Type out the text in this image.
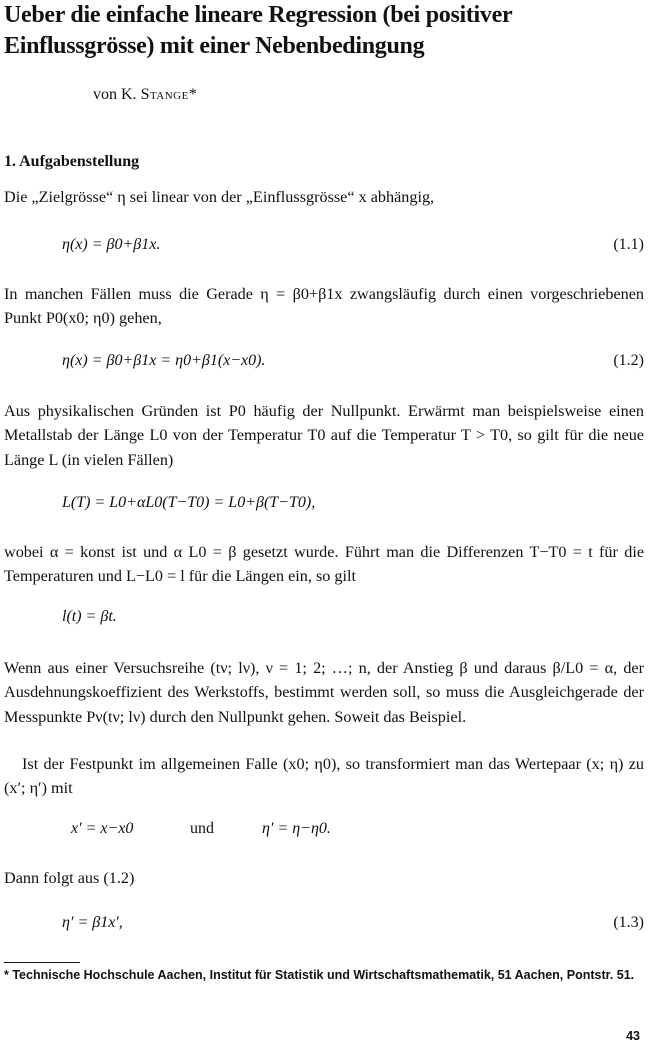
Ueber die einfache lineare Regression (bei positiver Einflussgrösse) mit einer Nebenbedingung
von K. Stange*
1. Aufgabenstellung
Die „Zielgrösse“ η sei linear von der „Einflussgrösse“ x abhängig,
η(x) = β0+β1x.	(1.1)
In manchen Fällen muss die Gerade η = β0+β1x zwangsläufig durch einen vorgeschriebenen Punkt P0(x0; η0) gehen,
η(x) = β0+β1x = η0+β1(x−x0).	(1.2)
Aus physikalischen Gründen ist P0 häufig der Nullpunkt. Erwärmt man beispielsweise einen Metallstab der Länge L0 von der Temperatur T0 auf die Temperatur T > T0, so gilt für die neue Länge L (in vielen Fällen)
L(T) = L0+αL0(T−T0) = L0+β(T−T0),
wobei α = konst ist und α L0 = β gesetzt wurde. Führt man die Differenzen T−T0 = t für die Temperaturen und L−L0 = l für die Längen ein, so gilt
l(t) = βt.
Wenn aus einer Versuchsreihe (tν; lν), ν = 1; 2; …; n, der Anstieg β und daraus β/L0 = α, der Ausdehnungskoeffizient des Werkstoffs, bestimmt werden soll, so muss die Ausgleichgerade der Messpunkte Pν(tν; lν) durch den Nullpunkt gehen. Soweit das Beispiel.
Ist der Festpunkt im allgemeinen Falle (x0; η0), so transformiert man das Wertepaar (x; η) zu (x′; η′) mit
x′ = x−x0	und	η′ = η−η0.
Dann folgt aus (1.2)
η′ = β1x′,	(1.3)
* Technische Hochschule Aachen, Institut für Statistik und Wirtschaftsmathematik, 51 Aachen, Pontstr. 51.
43
